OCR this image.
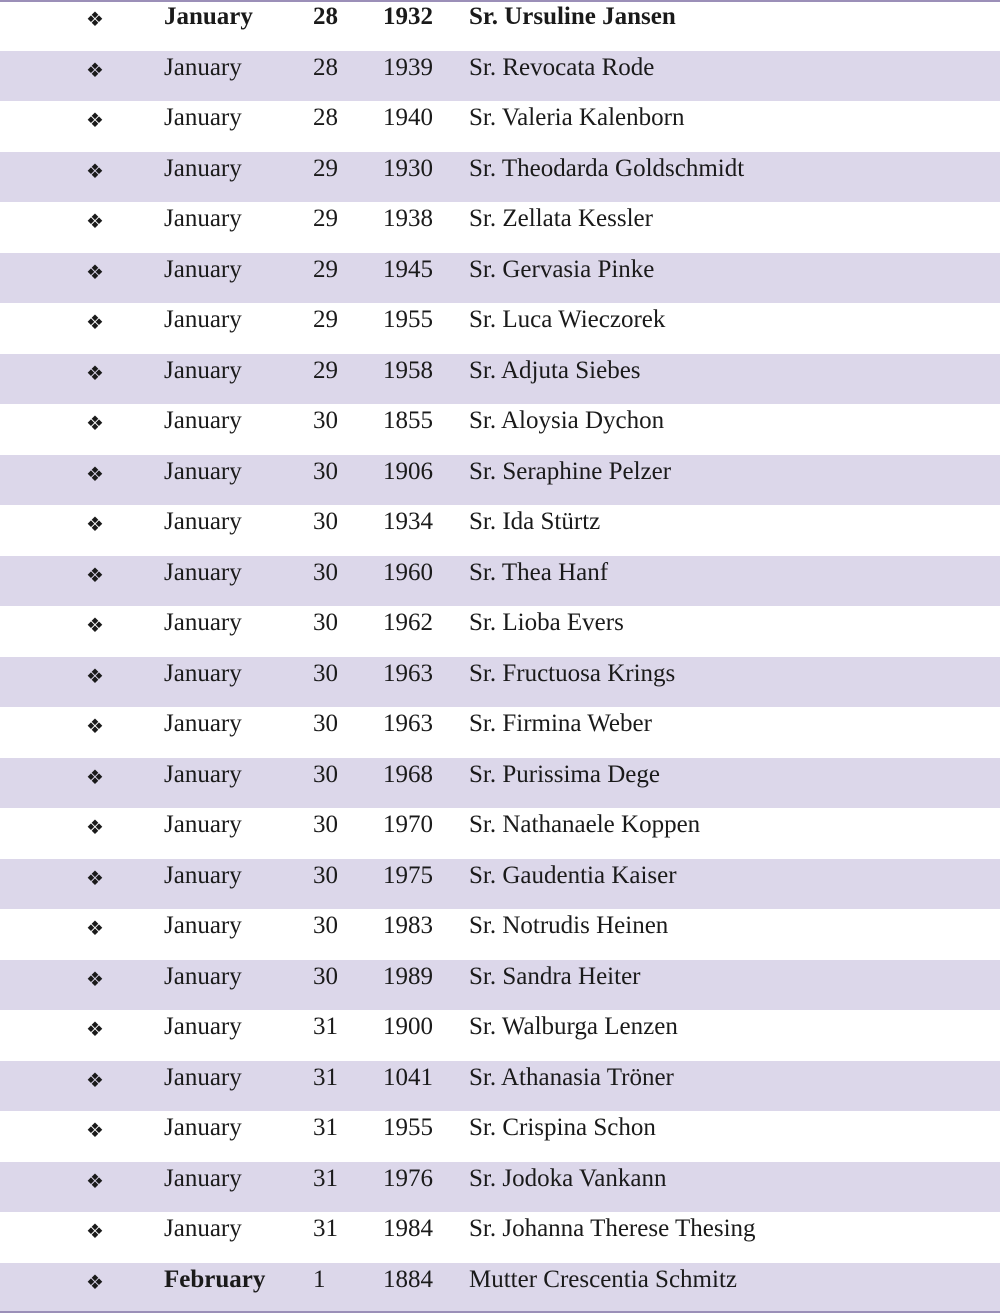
❖ January 28 1932 Sr. Ursuline Jansen
❖ January	28 1939 Sr. Revocata Rode
❖ January	28 1940 Sr. Valeria Kalenborn
❖ January	29 1930 Sr. Theodarda Goldschmidt
❖ January	29 1938 Sr. Zellata Kessler
❖ January	29 1945 Sr. Gervasia Pinke
❖ January	29 1955 Sr. Luca Wieczorek
❖ January	29 1958 Sr. Adjuta Siebes
❖ January	30 1855 Sr. Aloysia Dychon
❖ January	30 1906 Sr. Seraphine Pelzer
❖ January	30 1934 Sr. Ida Stürtz
❖ January	30 1960 Sr. Thea Hanf
❖ January	30 1962 Sr. Lioba Evers
❖ January	30 1963 Sr. Fructuosa Krings
❖ January	30 1963 Sr. Firmina Weber
❖ January	30 1968 Sr. Purissima Dege
❖ January	30 1970 Sr. Nathanaele Koppen
❖ January	30 1975 Sr. Gaudentia Kaiser
❖ January	30 1983 Sr. Notrudis Heinen
❖ January	30 1989 Sr. Sandra Heiter
❖ January	31 1900 Sr. Walburga Lenzen
❖ January	31 1041 Sr. Athanasia Tröner
❖ January	31 1955 Sr. Crispina Schon
❖ January	31 1976 Sr. Jodoka Vankann
❖ January	31 1984 Sr. Johanna Therese Thesing
❖ February 1 1884 Mutter Crescentia Schmitz
